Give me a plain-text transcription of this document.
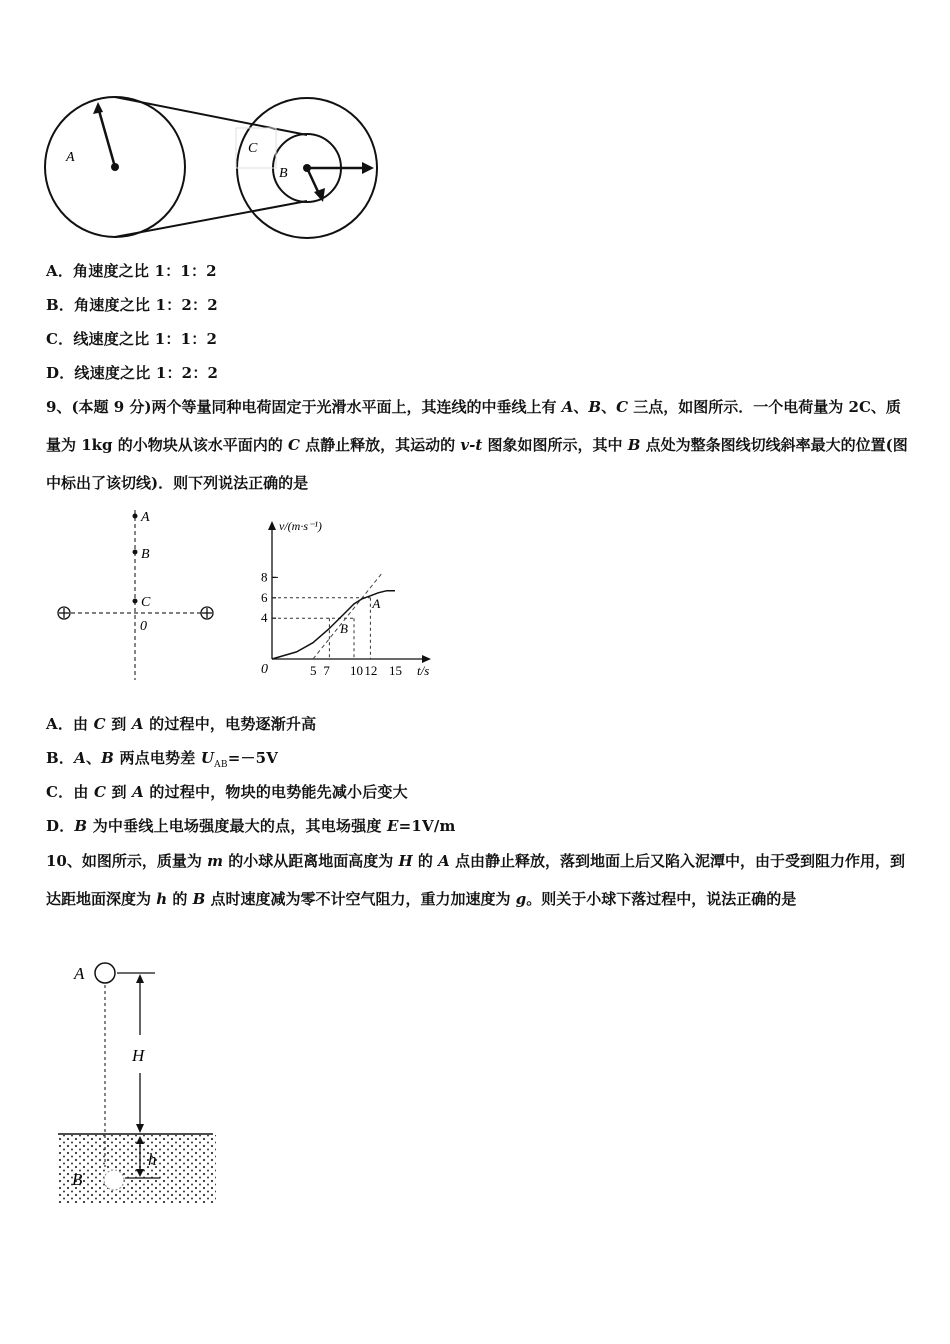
A
C
B
A．角速度之比 1：1：2
B．角速度之比 1：2：2
C．线速度之比 1：1：2
D．线速度之比 1：2：2
9、(本题 9 分)两个等量同种电荷固定于光滑水平面上，其连线的中垂线上有 A、B、C 三点，如图所示．一个电荷量为 2C、质量为 1kg 的小物块从该水平面内的 C 点静止释放，其运动的 v-t 图象如图所示，其中 B 点处为整条图线切线斜率最大的位置(图中标出了该切线)．则下列说法正确的是
A
B
C
0
v/(m·s⁻¹)
t/s
0
4
6
8
5 7 10 12 15
A
B
A．由 C 到 A 的过程中，电势逐渐升高
B．A、B 两点电势差 $U_{AB}=-5V$
C．由 C 到 A 的过程中，物块的电势能先减小后变大
D．B 为中垂线上电场强度最大的点，其电场强度 E=1V/m
10、如图所示，质量为 m 的小球从距离地面高度为 H 的 A 点由静止释放，落到地面上后又陷入泥潭中，由于受到阻力作用，到达距地面深度为 h 的 B 点时速度减为零不计空气阻力，重力加速度为 g。则关于小球下落过程中，说法正确的是
A
H
h
B
